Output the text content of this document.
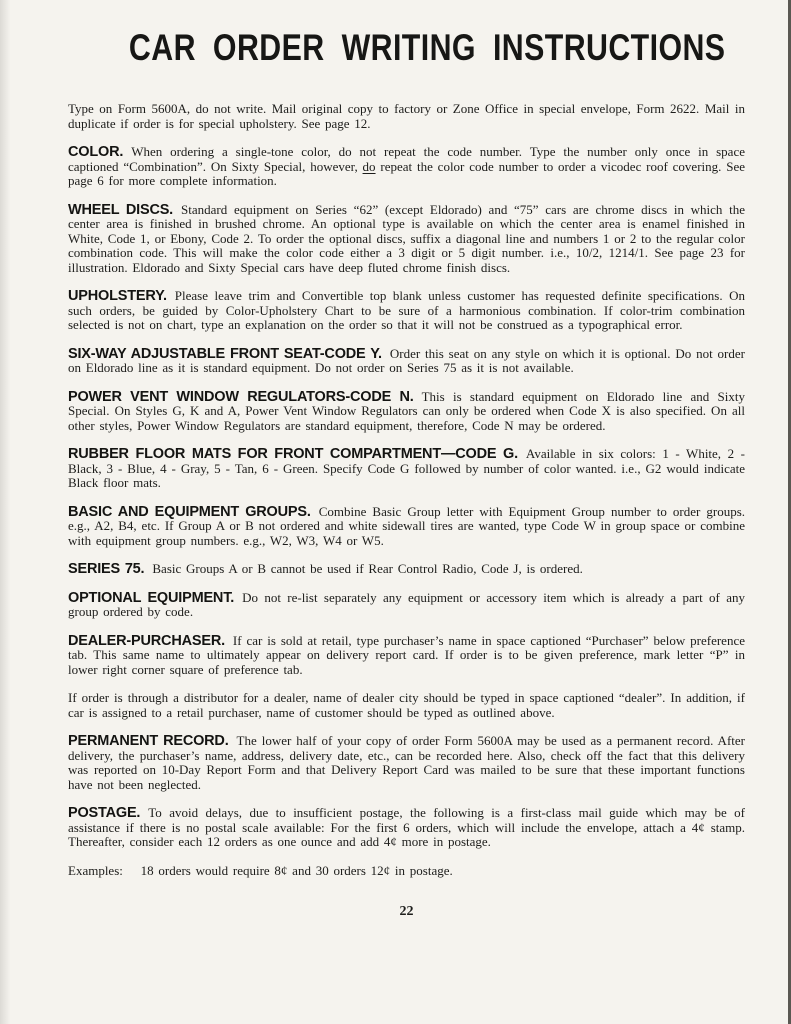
CAR ORDER WRITING INSTRUCTIONS

Type on Form 5600A, do not write. Mail original copy to factory or Zone Office in special envelope, Form 2622. Mail in duplicate if order is for special upholstery. See page 12.

COLOR. When ordering a single-tone color, do not repeat the code number. Type the number only once in space captioned “Combination”. On Sixty Special, however, do repeat the color code number to order a vicodec roof covering. See page 6 for more complete information.

WHEEL DISCS. Standard equipment on Series “62” (except Eldorado) and “75” cars are chrome discs in which the center area is finished in brushed chrome. An optional type is available on which the center area is enamel finished in White, Code 1, or Ebony, Code 2. To order the optional discs, suffix a diagonal line and numbers 1 or 2 to the regular color combination code. This will make the color code either a 3 digit or 5 digit number. i.e., 10/2, 1214/1. See page 23 for illustration. Eldorado and Sixty Special cars have deep fluted chrome finish discs.

UPHOLSTERY. Please leave trim and Convertible top blank unless customer has requested definite specifications. On such orders, be guided by Color-Upholstery Chart to be sure of a harmonious combination. If color-trim combination selected is not on chart, type an explanation on the order so that it will not be construed as a typographical error.

SIX-WAY ADJUSTABLE FRONT SEAT-CODE Y. Order this seat on any style on which it is optional. Do not order on Eldorado line as it is standard equipment. Do not order on Series 75 as it is not available.

POWER VENT WINDOW REGULATORS-CODE N. This is standard equipment on Eldorado line and Sixty Special. On Styles G, K and A, Power Vent Window Regulators can only be ordered when Code X is also specified. On all other styles, Power Window Regulators are standard equipment, therefore, Code N may be ordered.

RUBBER FLOOR MATS FOR FRONT COMPARTMENT—CODE G. Available in six colors: 1 - White, 2 - Black, 3 - Blue, 4 - Gray, 5 - Tan, 6 - Green. Specify Code G followed by number of color wanted. i.e., G2 would indicate Black floor mats.

BASIC AND EQUIPMENT GROUPS. Combine Basic Group letter with Equipment Group number to order groups. e.g., A2, B4, etc. If Group A or B not ordered and white sidewall tires are wanted, type Code W in group space or combine with equipment group numbers. e.g., W2, W3, W4 or W5.

SERIES 75. Basic Groups A or B cannot be used if Rear Control Radio, Code J, is ordered.

OPTIONAL EQUIPMENT. Do not re-list separately any equipment or accessory item which is already a part of any group ordered by code.

DEALER-PURCHASER. If car is sold at retail, type purchaser’s name in space captioned “Purchaser” below preference tab. This same name to ultimately appear on delivery report card. If order is to be given preference, mark letter “P” in lower right corner square of preference tab.

If order is through a distributor for a dealer, name of dealer city should be typed in space captioned “dealer”. In addition, if car is assigned to a retail purchaser, name of customer should be typed as outlined above.

PERMANENT RECORD. The lower half of your copy of order Form 5600A may be used as a permanent record. After delivery, the purchaser’s name, address, delivery date, etc., can be recorded here. Also, check off the fact that this delivery was reported on 10-Day Report Form and that Delivery Report Card was mailed to be sure that these important functions have not been neglected.

POSTAGE. To avoid delays, due to insufficient postage, the following is a first-class mail guide which may be of assistance if there is no postal scale available: For the first 6 orders, which will include the envelope, attach a 4¢ stamp. Thereafter, consider each 12 orders as one ounce and add 4¢ more in postage.

Examples:  18 orders would require 8¢ and 30 orders 12¢ in postage.

22
